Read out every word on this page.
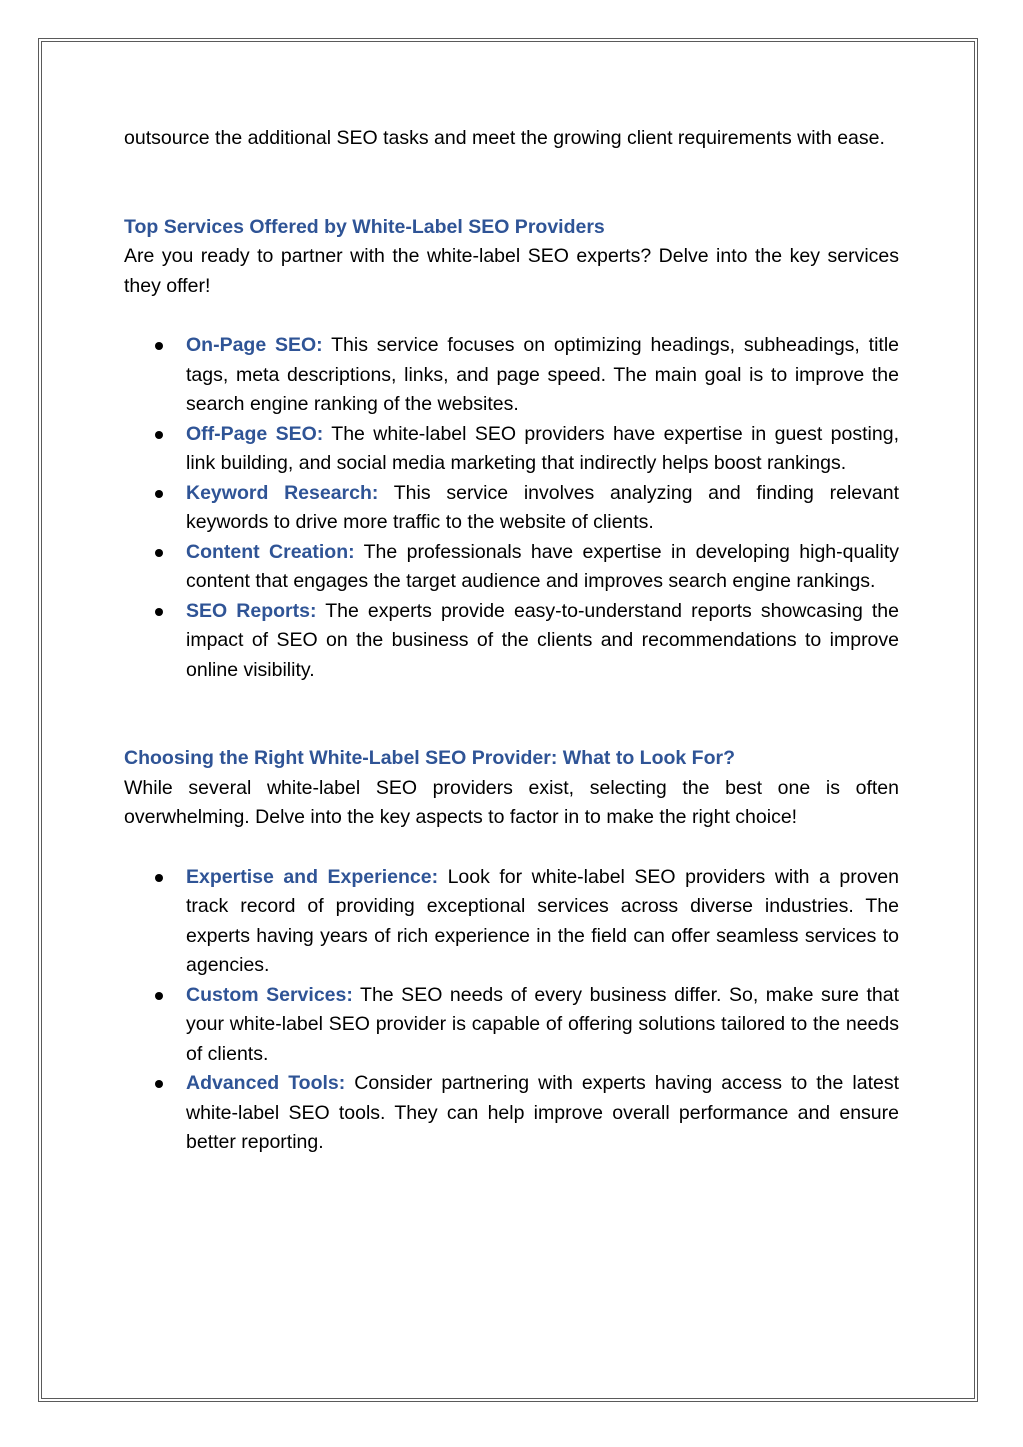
outsource the additional SEO tasks and meet the growing client requirements with ease.

Top Services Offered by White-Label SEO Providers

Are you ready to partner with the white-label SEO experts? Delve into the key services they offer!

On-Page SEO: This service focuses on optimizing headings, subheadings, title tags, meta descriptions, links, and page speed. The main goal is to improve the search engine ranking of the websites.
Off-Page SEO: The white-label SEO providers have expertise in guest posting, link building, and social media marketing that indirectly helps boost rankings.
Keyword Research: This service involves analyzing and finding relevant keywords to drive more traffic to the website of clients.
Content Creation: The professionals have expertise in developing high-quality content that engages the target audience and improves search engine rankings.
SEO Reports: The experts provide easy-to-understand reports showcasing the impact of SEO on the business of the clients and recommendations to improve online visibility.
Choosing the Right White-Label SEO Provider: What to Look For?

While several white-label SEO providers exist, selecting the best one is often overwhelming. Delve into the key aspects to factor in to make the right choice!

Expertise and Experience: Look for white-label SEO providers with a proven track record of providing exceptional services across diverse industries. The experts having years of rich experience in the field can offer seamless services to agencies.
Custom Services: The SEO needs of every business differ. So, make sure that your white-label SEO provider is capable of offering solutions tailored to the needs of clients.
Advanced Tools: Consider partnering with experts having access to the latest white-label SEO tools. They can help improve overall performance and ensure better reporting.
